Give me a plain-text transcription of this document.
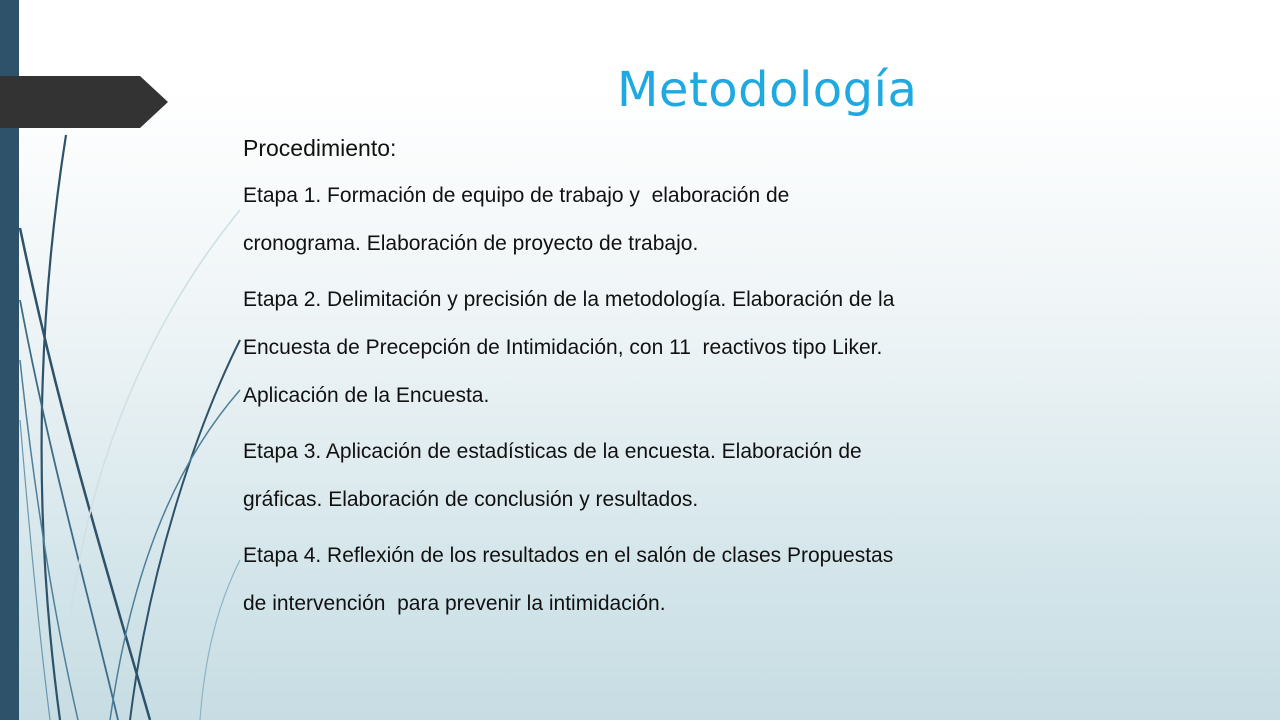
Metodología
Procedimiento:
Etapa 1. Formación de equipo de trabajo y  elaboración de
cronograma. Elaboración de proyecto de trabajo.
Etapa 2. Delimitación y precisión de la metodología. Elaboración de la
Encuesta de Precepción de Intimidación, con 11  reactivos tipo Liker.
Aplicación de la Encuesta.
Etapa 3. Aplicación de estadísticas de la encuesta. Elaboración de
gráficas. Elaboración de conclusión y resultados.
Etapa 4. Reflexión de los resultados en el salón de clases Propuestas
de intervención  para prevenir la intimidación.
